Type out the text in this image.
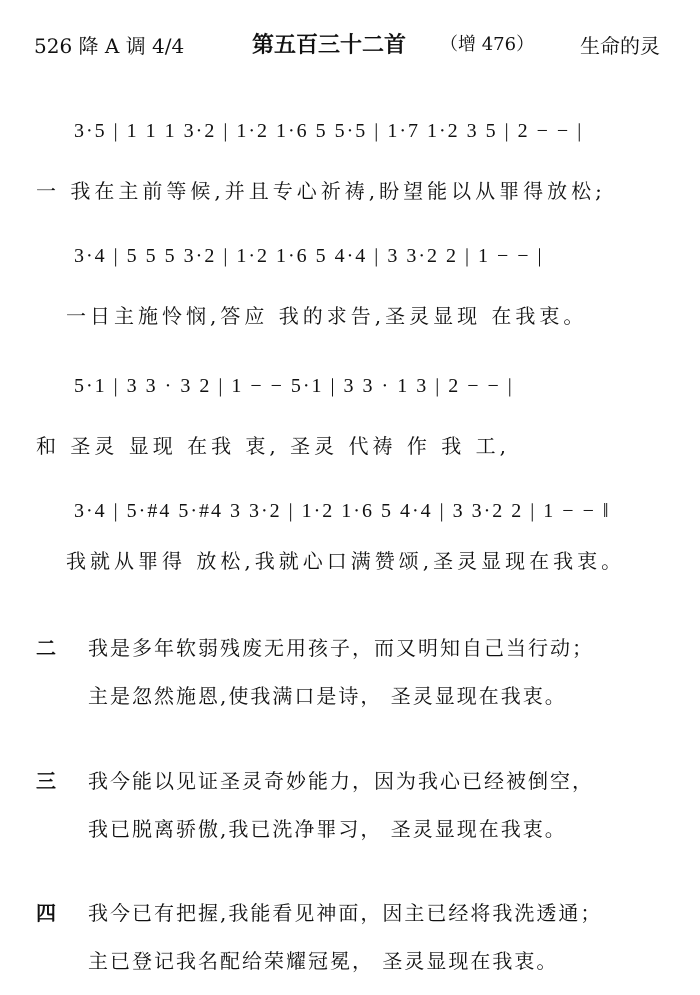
526 降 A 调 4/4	第五百三十二首 （增 476） 生命的灵
3·5 | 1 1 1 3·2 | 1·2 1·6 5 5·5 | 1·7 1·2 3 5 | 2 − − |
一 我在主前等候,并且专心祈祷,盼望能以从罪得放松;
3·4 | 5 5 5 3·2 | 1·2 1·6 5 4·4 | 3 3·2 2 | 1 − − |
一日主施怜悯,答应 我的求告,圣灵显现 在我衷。
5·1 | 3 3 · 3 2 | 1 − − 5·1 | 3 3 · 1 3 | 2 − − |
和 圣灵 显现 在我 衷, 圣灵 代祷 作 我 工,
3·4 | 5·#4 5·#4 3 3·2 | 1·2 1·6 5 4·4 | 3 3·2 2 | 1 − − ‖
我就从罪得 放松,我就心口满赞颂,圣灵显现在我衷。
二 我是多年软弱残废无用孩子，而又明知自己当行动；
主是忽然施恩,使我满口是诗， 圣灵显现在我衷。
三 我今能以见证圣灵奇妙能力，因为我心已经被倒空，
我已脱离骄傲,我已洗净罪习， 圣灵显现在我衷。
四 我今已有把握,我能看见神面，因主已经将我洗透通；
主已登记我名配给荣耀冠冕， 圣灵显现在我衷。
